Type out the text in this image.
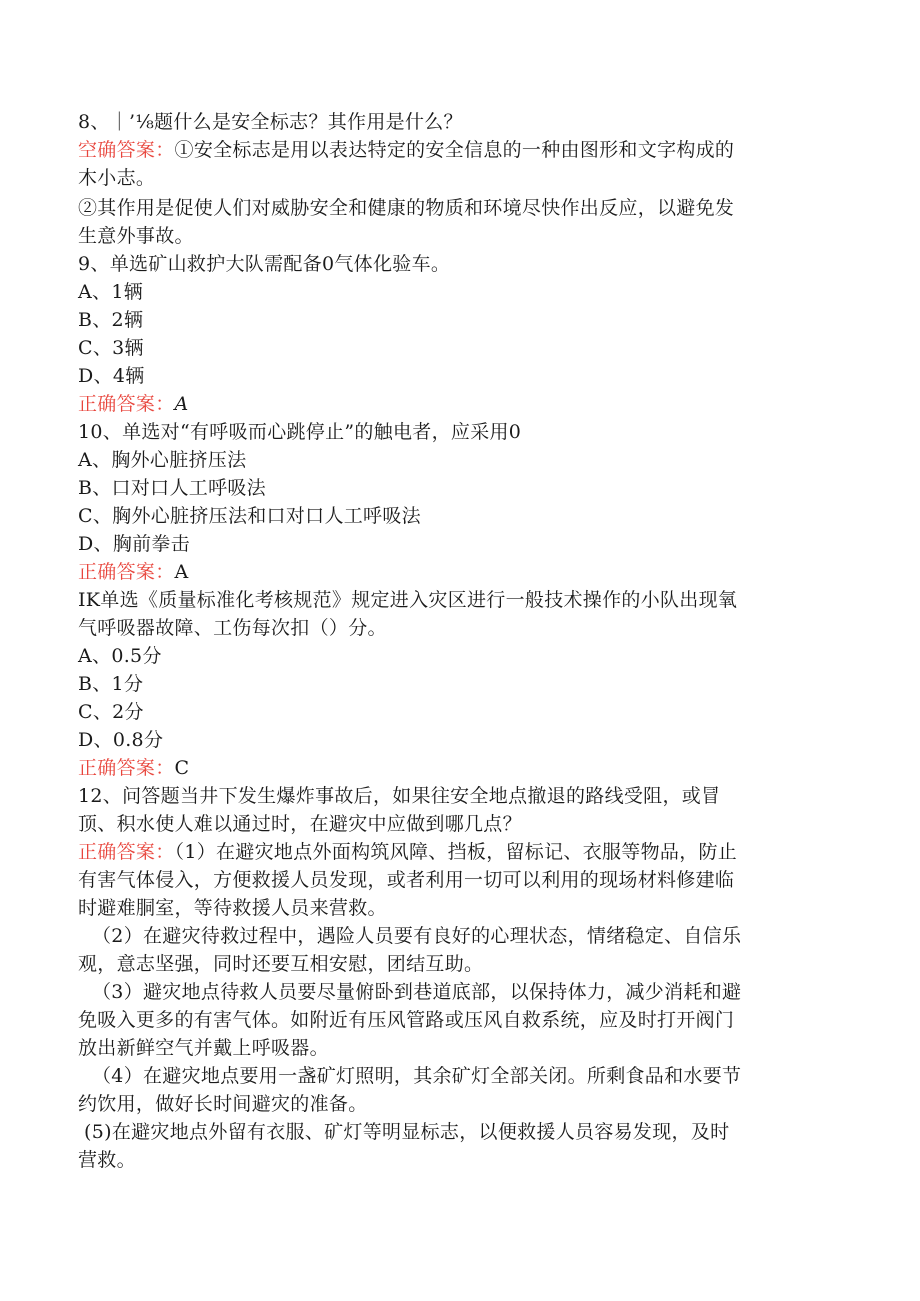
8、｜’⅛题什么是安全标志？其作用是什么？
空确答案：①安全标志是用以表达特定的安全信息的一种由图形和文字构成的
木小志。
②其作用是促使人们对威胁安全和健康的物质和环境尽快作出反应，以避免发
生意外事故。
9、单选矿山救护大队需配备0气体化验车。
A、1辆
B、2辆
C、3辆
D、4辆
正确答案：A
10、单选对“有呼吸而心跳停止”的触电者，应采用0
A、胸外心脏挤压法
B、口对口人工呼吸法
C、胸外心脏挤压法和口对口人工呼吸法
D、胸前拳击
正确答案：A
IK单选《质量标准化考核规范》规定进入灾区进行一般技术操作的小队出现氧
气呼吸器故障、工伤每次扣（）分。
A、0.5分
B、1分
C、2分
D、0.8分
正确答案：C
12、问答题当井下发生爆炸事故后，如果往安全地点撤退的路线受阻，或冒
顶、积水使人难以通过时，在避灾中应做到哪几点？
正确答案：（1）在避灾地点外面构筑风障、挡板，留标记、衣服等物品，防止
有害气体侵入，方便救援人员发现，或者利用一切可以利用的现场材料修建临
时避难胴室，等待救援人员来营救。
（2）在避灾待救过程中，遇险人员要有良好的心理状态，情绪稳定、自信乐
观，意志坚强，同时还要互相安慰，团结互助。
（3）避灾地点待救人员要尽量俯卧到巷道底部，以保持体力，减少消耗和避
免吸入更多的有害气体。如附近有压风管路或压风自救系统，应及时打开阀门
放出新鲜空气并戴上呼吸器。
（4）在避灾地点要用一盏矿灯照明，其余矿灯全部关闭。所剩食品和水要节
约饮用，做好长时间避灾的准备。
(5)在避灾地点外留有衣服、矿灯等明显标志，以便救援人员容易发现，及时
营救。
